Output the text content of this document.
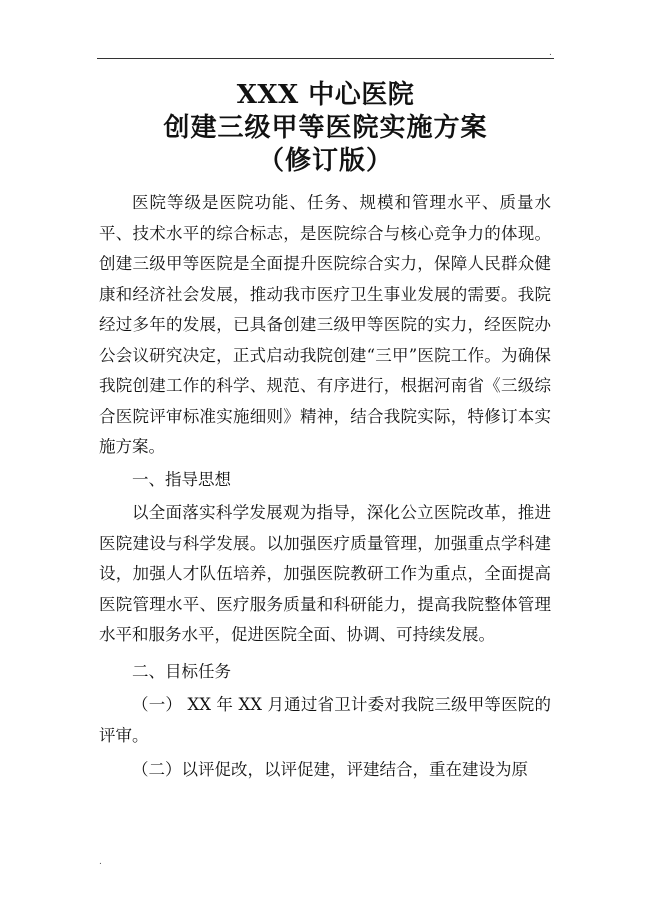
.
XXX 中心医院
创建三级甲等医院实施方案
（修订版）

医院等级是医院功能、任务、规模和管理水平、质量水平、技术水平的综合标志，是医院综合与核心竞争力的体现。创建三级甲等医院是全面提升医院综合实力，保障人民群众健康和经济社会发展，推动我市医疗卫生事业发展的需要。我院经过多年的发展，已具备创建三级甲等医院的实力，经医院办公会议研究决定，正式启动我院创建“三甲”医院工作。为确保我院创建工作的科学、规范、有序进行，根据河南省《三级综合医院评审标准实施细则》精神，结合我院实际，特修订本实施方案。

一、指导思想

以全面落实科学发展观为指导，深化公立医院改革，推进医院建设与科学发展。以加强医疗质量管理，加强重点学科建设，加强人才队伍培养，加强医院教研工作为重点，全面提高医院管理水平、医疗服务质量和科研能力，提高我院整体管理水平和服务水平，促进医院全面、协调、可持续发展。

二、目标任务

（一） XX 年 XX 月通过省卫计委对我院三级甲等医院的评审。

（二）以评促改，以评促建，评建结合，重在建设为原

.
